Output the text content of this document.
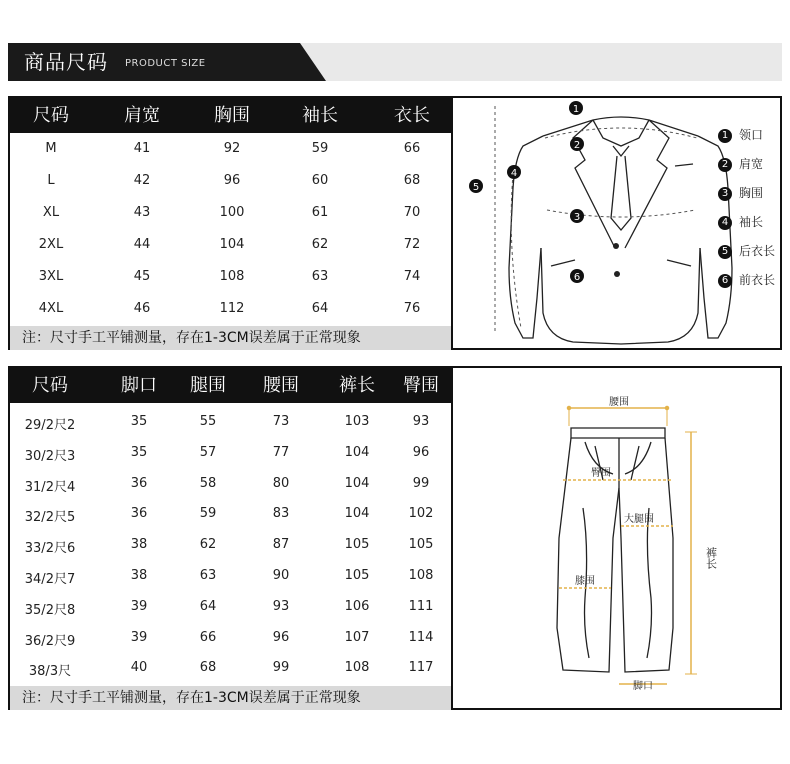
商品尺码 PRODUCT SIZE
尺码	肩宽	胸围	袖长	衣长
M	41	92	59	66
L	42	96	60	68
XL	43	100	61	70
2XL	44	104	62	72
3XL	45	108	63	74
4XL	46	112	64	76
注：尺寸手工平铺测量，存在1-3CM误差属于正常现象
1
2
3
4
5
6
1 领口
2 肩宽
3 胸围
4 袖长
5 后衣长
6 前衣长
尺码	脚口	腿围	腰围	裤长	臀围
29/2尺2	35	55	73	103	93
30/2尺3	35	57	77	104	96
31/2尺4	36	58	80	104	99
32/2尺5	36	59	83	104	102
33/2尺6	38	62	87	105	105
34/2尺7	38	63	90	105	108
35/2尺8	39	64	93	106	111
36/2尺9	39	66	96	107	114
38/3尺	40	68	99	108	117
注：尺寸手工平铺测量，存在1-3CM误差属于正常现象
腰围
臀围
大腿围
膝围
脚口
裤长
